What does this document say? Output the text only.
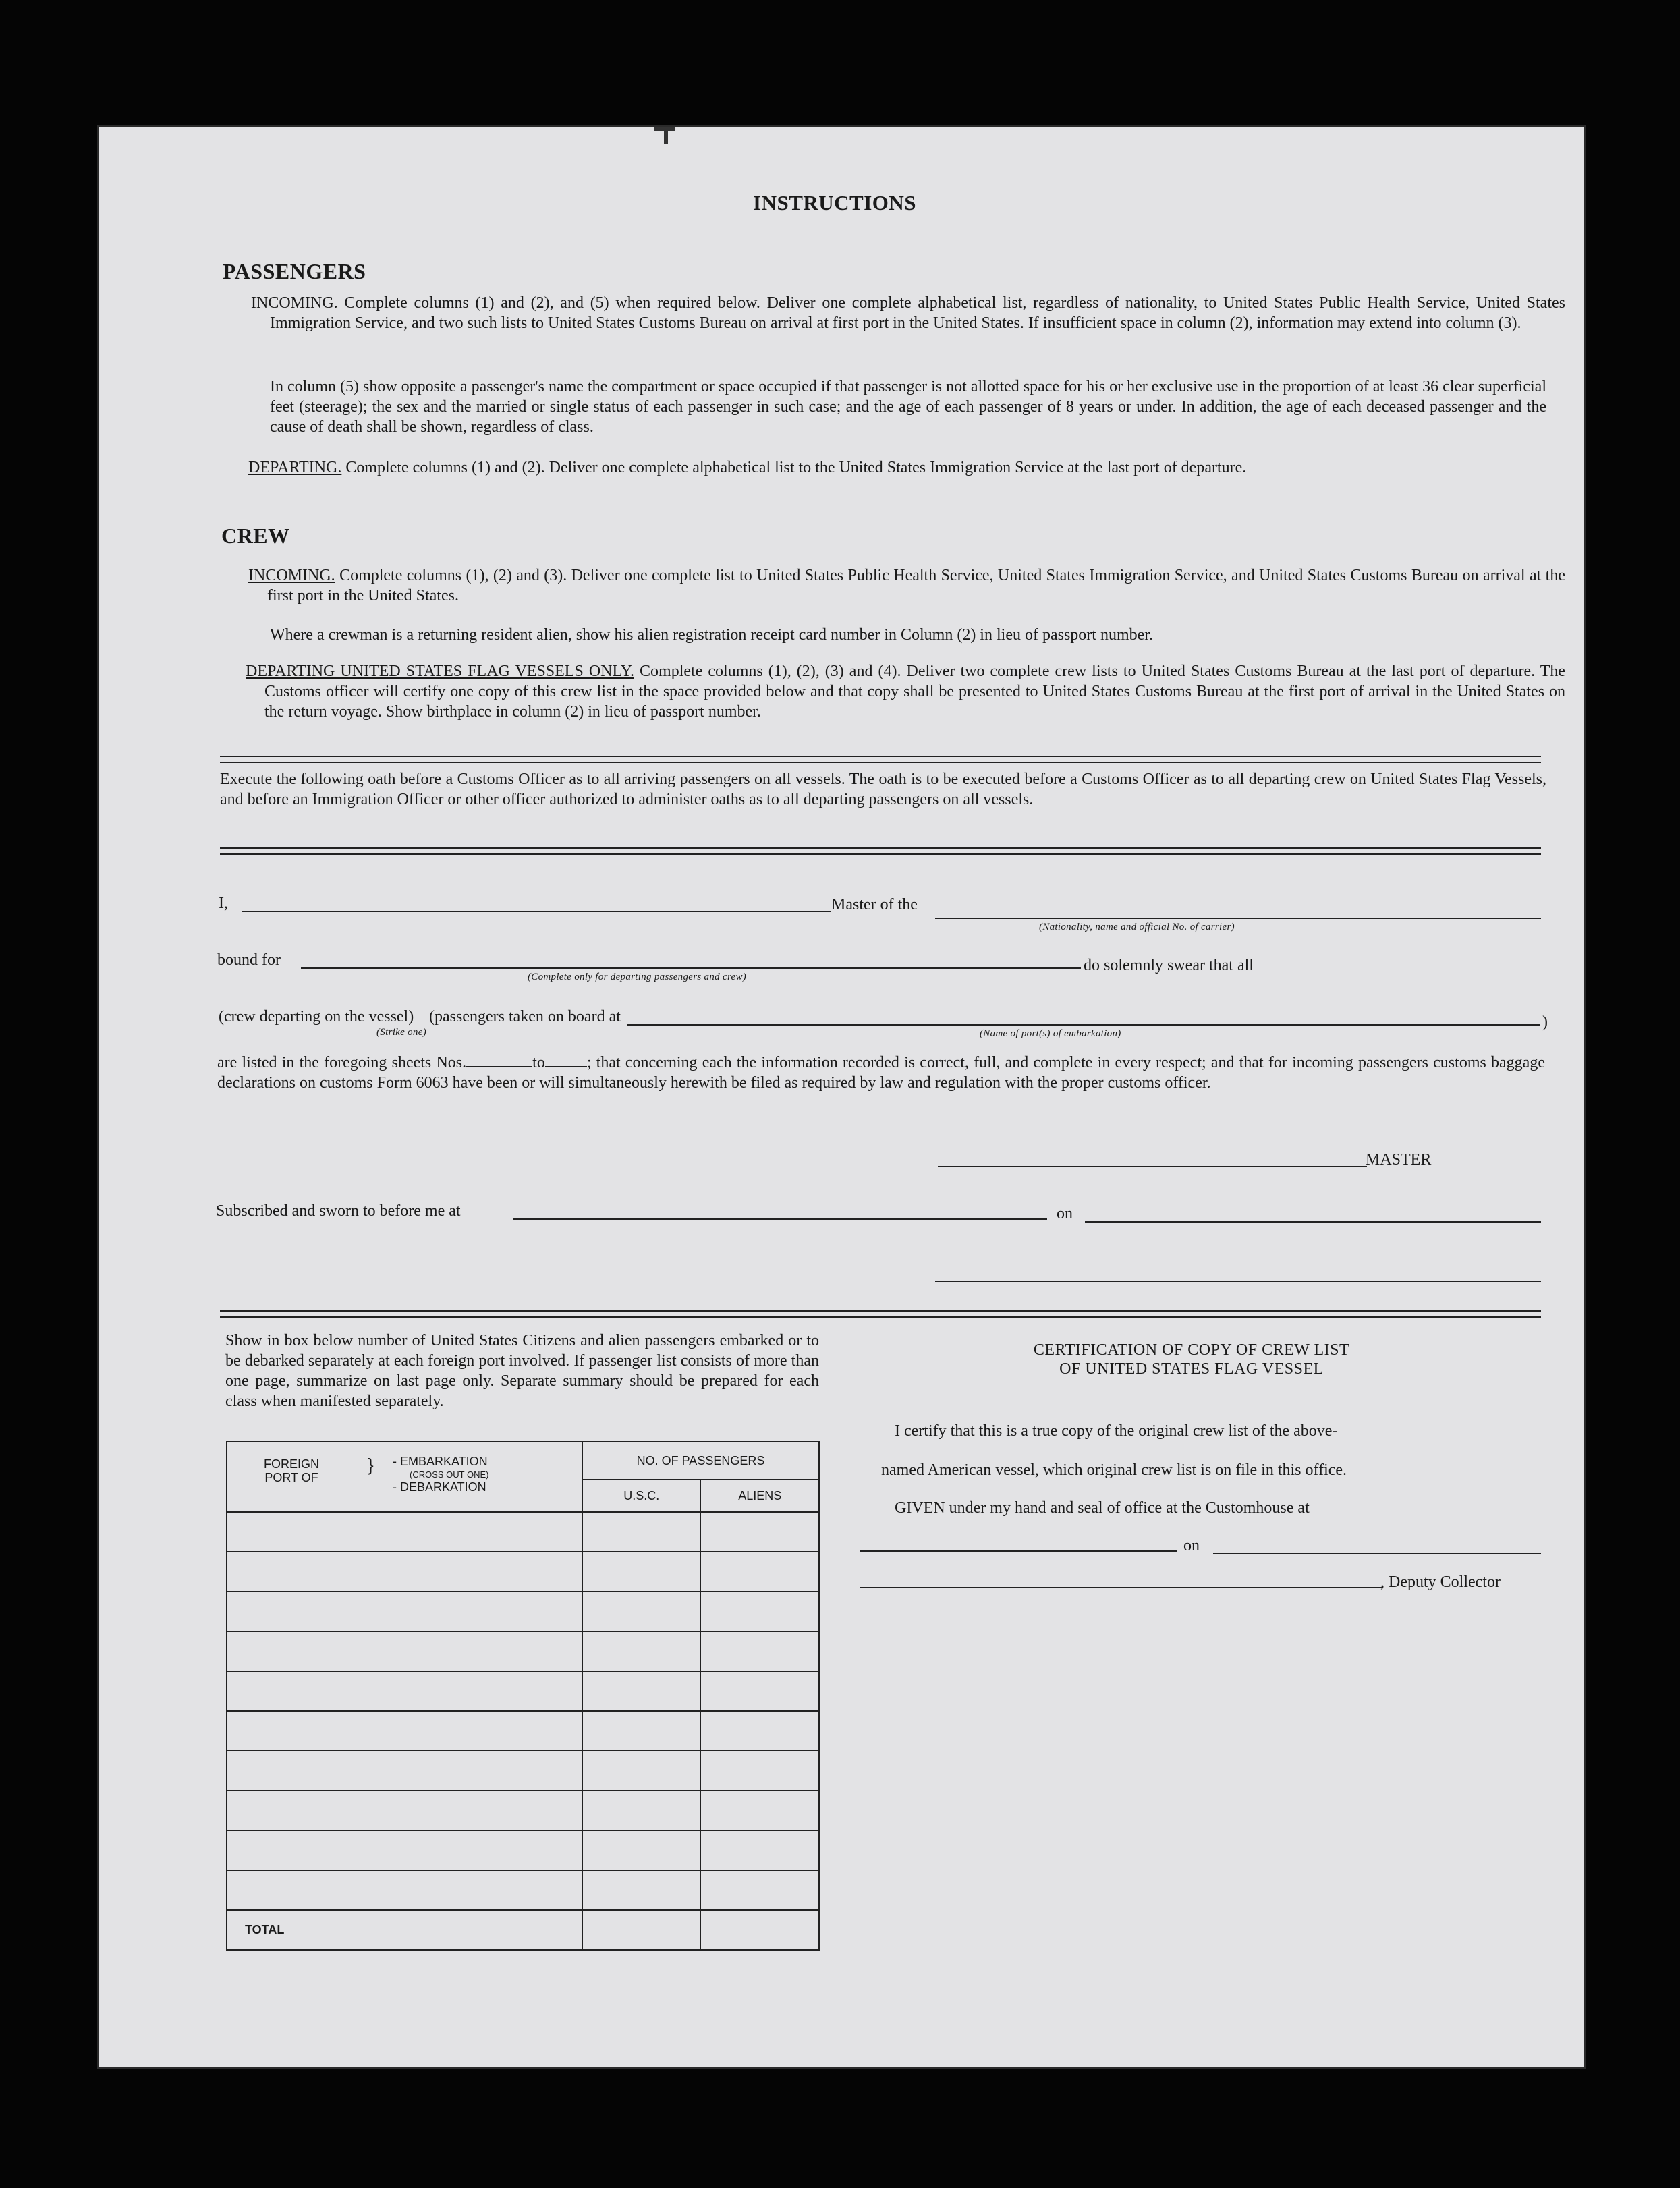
INSTRUCTIONS
PASSENGERS
INCOMING. Complete columns (1) and (2), and (5) when required below. Deliver one complete alphabetical list, regardless of nationality, to United States Public Health Service, United States Immigration Service, and two such lists to United States Customs Bureau on arrival at first port in the United States. If insufficient space in column (2), information may extend into column (3).
In column (5) show opposite a passenger's name the compartment or space occupied if that passenger is not allotted space for his or her exclusive use in the proportion of at least 36 clear superficial feet (steerage); the sex and the married or single status of each passenger in such case; and the age of each passenger of 8 years or under. In addition, the age of each deceased passenger and the cause of death shall be shown, regardless of class.
DEPARTING. Complete columns (1) and (2). Deliver one complete alphabetical list to the United States Immigration Service at the last port of departure.
CREW
INCOMING. Complete columns (1), (2) and (3). Deliver one complete list to United States Public Health Service, United States Immigration Service, and United States Customs Bureau on arrival at the first port in the United States.
Where a crewman is a returning resident alien, show his alien registration receipt card number in Column (2) in lieu of passport number.
DEPARTING UNITED STATES FLAG VESSELS ONLY. Complete columns (1), (2), (3) and (4). Deliver two complete crew lists to United States Customs Bureau at the last port of departure. The Customs officer will certify one copy of this crew list in the space provided below and that copy shall be presented to United States Customs Bureau at the first port of arrival in the United States on the return voyage. Show birthplace in column (2) in lieu of passport number.
Execute the following oath before a Customs Officer as to all arriving passengers on all vessels. The oath is to be executed before a Customs Officer as to all departing crew on United States Flag Vessels, and before an Immigration Officer or other officer authorized to administer oaths as to all departing passengers on all vessels.
I,	Master of the
(Nationality, name and official No. of carrier)
bound for
(Complete only for departing passengers and crew)
do solemnly swear that all
(crew departing on the vessel) (passengers taken on board at
(Strike one)
)
(Name of port(s) of embarkation)
are listed in the foregoing sheets Nos.	to	; that concerning each the information recorded is correct, full, and complete in every respect; and that for incoming passengers customs baggage declarations on customs Form 6063 have been or will simultaneously herewith be filed as required by law and regulation with the proper customs officer.
MASTER
Subscribed and sworn to before me at	on
Show in box below number of United States Citizens and alien passengers embarked or to be debarked separately at each foreign port involved. If passenger list consists of more than one page, summarize on last page only. Separate summary should be prepared for each class when manifested separately.
FOREIGN PORT OF
} - EMBARKATION
(CROSS OUT ONE)
- DEBARKATION	NO. OF PASSENGERS	
	U.S.C.	ALIENS

TOTAL		
CERTIFICATION OF COPY OF CREW LIST
OF UNITED STATES FLAG VESSEL
I certify that this is a true copy of the original crew list of the above-
named American vessel, which original crew list is on file in this office.
GIVEN under my hand and seal of office at the Customhouse at
on
, Deputy Collector
